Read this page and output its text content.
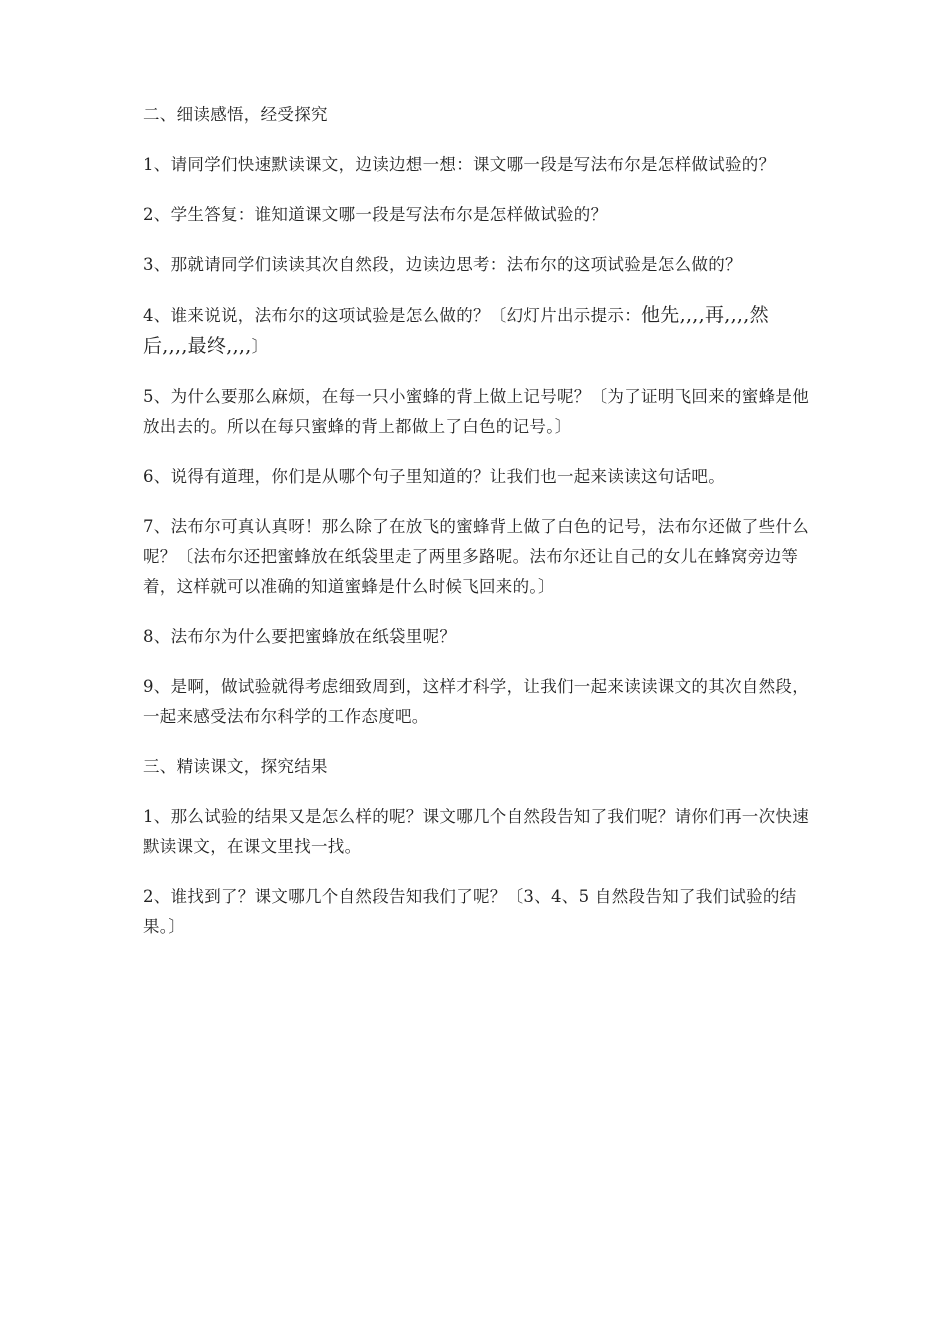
二、细读感悟，经受探究

1、请同学们快速默读课文，边读边想一想：课文哪一段是写法布尔是怎样做试验的？

2、学生答复：谁知道课文哪一段是写法布尔是怎样做试验的？

3、那就请同学们读读其次自然段，边读边思考：法布尔的这项试验是怎么做的？

4、谁来说说，法布尔的这项试验是怎么做的？〔幻灯片出示提示：他先,,,,再,,,,然后,,,,最终,,,,〕

5、为什么要那么麻烦，在每一只小蜜蜂的背上做上记号呢？〔为了证明飞回来的蜜蜂是他放出去的。所以在每只蜜蜂的背上都做上了白色的记号。〕

6、说得有道理，你们是从哪个句子里知道的？让我们也一起来读读这句话吧。

7、法布尔可真认真呀！那么除了在放飞的蜜蜂背上做了白色的记号，法布尔还做了些什么呢？〔法布尔还把蜜蜂放在纸袋里走了两里多路呢。法布尔还让自己的女儿在蜂窝旁边等着，这样就可以准确的知道蜜蜂是什么时候飞回来的。〕

8、法布尔为什么要把蜜蜂放在纸袋里呢？

9、是啊，做试验就得考虑细致周到，这样才科学，让我们一起来读读课文的其次自然段，一起来感受法布尔科学的工作态度吧。

三、精读课文，探究结果

1、那么试验的结果又是怎么样的呢？课文哪几个自然段告知了我们呢？请你们再一次快速默读课文，在课文里找一找。

2、谁找到了？课文哪几个自然段告知我们了呢？〔3、4、5 自然段告知了我们试验的结果。〕
